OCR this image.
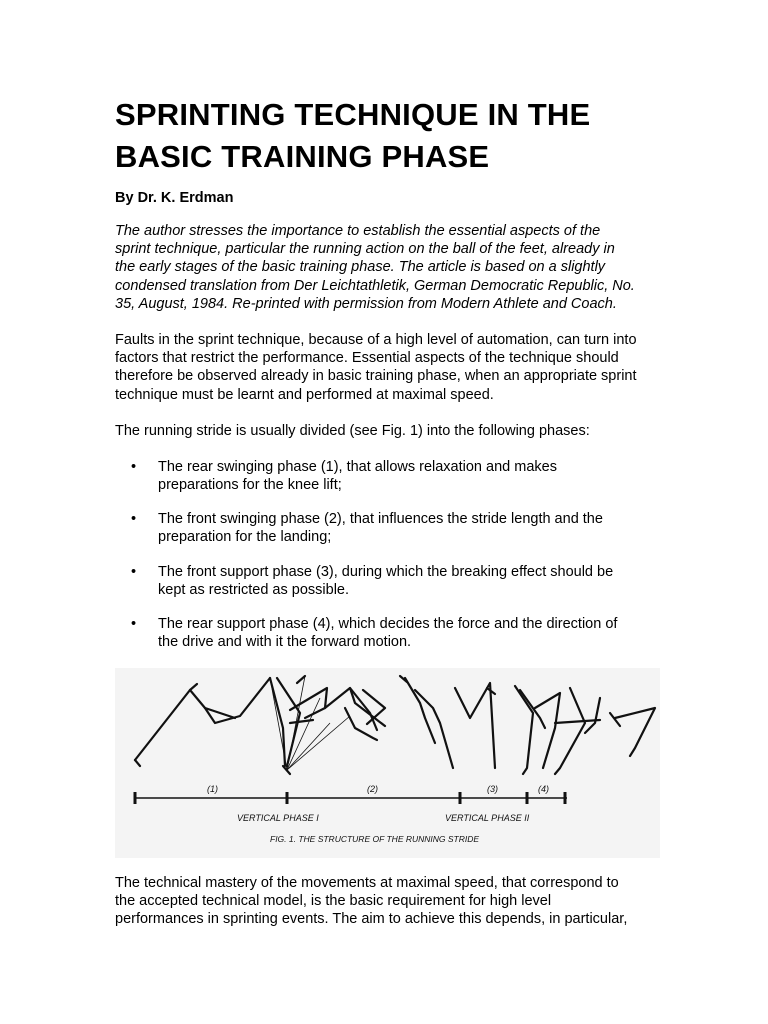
SPRINTING TECHNIQUE IN THE
BASIC TRAINING PHASE

By Dr. K. Erdman

The author stresses the importance to establish the essential aspects of the
sprint technique, particular the running action on the ball of the feet, already in
the early stages of the basic training phase. The article is based on a slightly
condensed translation from Der Leichtathletik, German Democratic Republic, No.
35, August, 1984. Re-printed with permission from Modern Athlete and Coach.

Faults in the sprint technique, because of a high level of automation, can turn into
factors that restrict the performance. Essential aspects of the technique should
therefore be observed already in basic training phase, when an appropriate sprint
technique must be learnt and performed at maximal speed.

The running stride is usually divided (see Fig. 1) into the following phases:

• The rear swinging phase (1), that allows relaxation and makes
preparations for the knee lift;
• The front swinging phase (2), that influences the stride length and the
preparation for the landing;
• The front support phase (3), during which the breaking effect should be
kept as restricted as possible.
• The rear support phase (4), which decides the force and the direction of
the drive and with it the forward motion.

The technical mastery of the movements at maximal speed, that correspond to
the accepted technical model, is the basic requirement for high level
performances in sprinting events. The aim to achieve this depends, in particular,

(1)	(2)	(3)	(4)
VERTICAL PHASE I	VERTICAL PHASE II
FIG. 1. THE STRUCTURE OF THE RUNNING STRIDE
